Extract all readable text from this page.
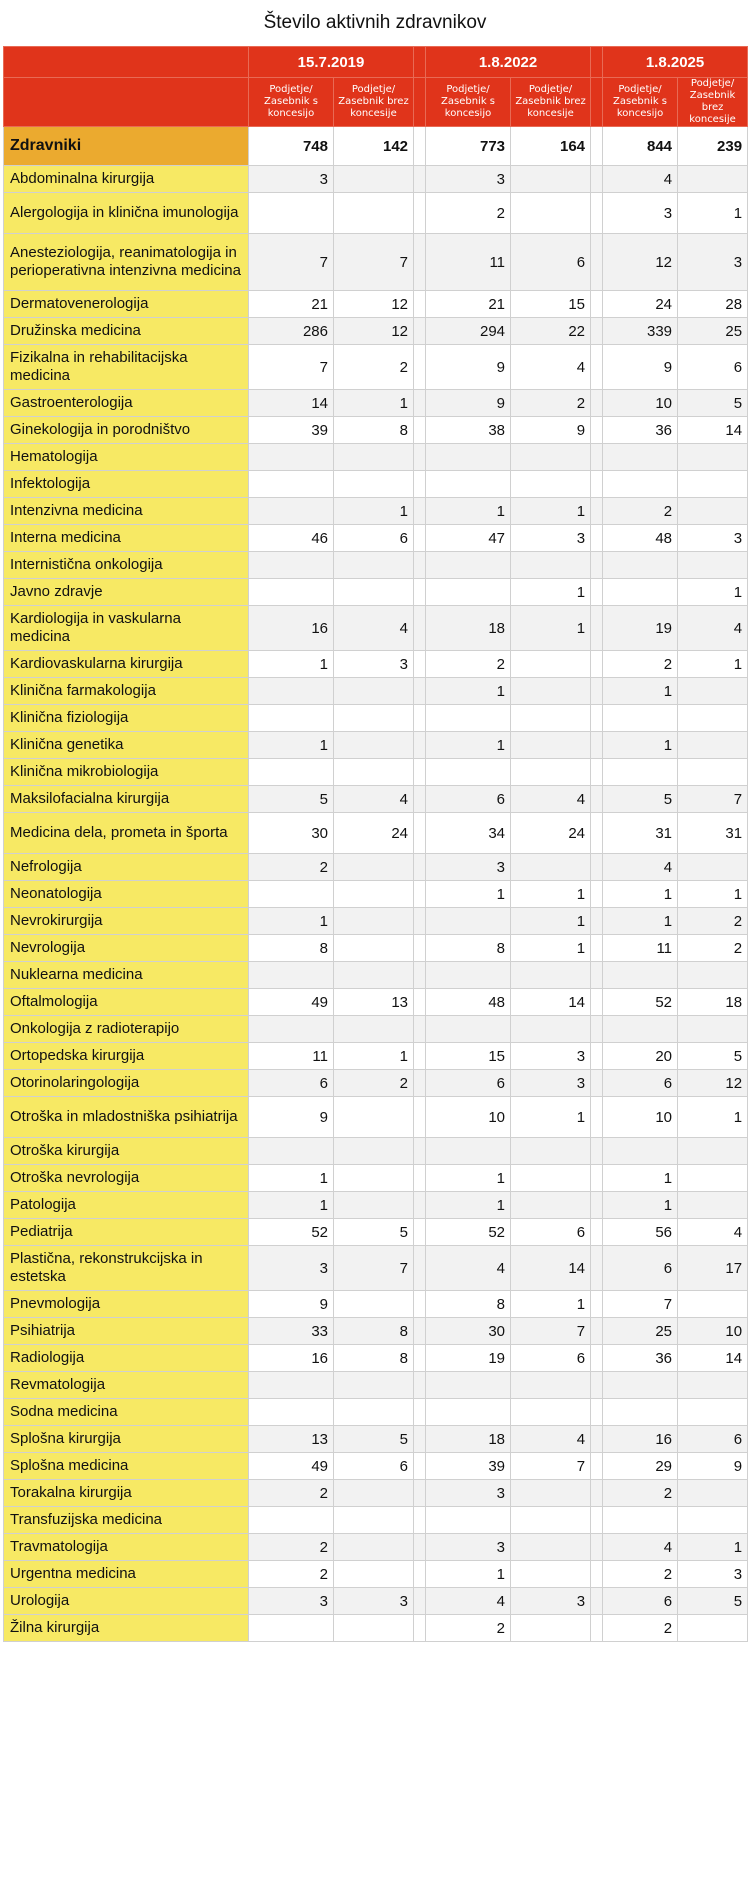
Število aktivnih zdravnikov
	15.7.2019			1.8.2022			1.8.2025	
	Podjetje/ Zasebnik s koncesijo	Podjetje/ Zasebnik brez koncesije		Podjetje/ Zasebnik s koncesijo	Podjetje/ Zasebnik brez koncesije		Podjetje/ Zasebnik s koncesijo	Podjetje/ Zasebnik brez koncesije
Zdravniki	748	142		773	164		844	239
Abdominalna kirurgija	3			3			4	
Alergologija in klinična imunologija				2			3	1
Anesteziologija, reanimatologija in perioperativna intenzivna medicina	7	7		11	6		12	3
Dermatovenerologija	21	12		21	15		24	28
Družinska medicina	286	12		294	22		339	25
Fizikalna in rehabilitacijska medicina	7	2		9	4		9	6
Gastroenterologija	14	1		9	2		10	5
Ginekologija in porodništvo	39	8		38	9		36	14
Hematologija								
Infektologija								
Intenzivna medicina		1		1	1		2	
Interna medicina	46	6		47	3		48	3
Internistična onkologija								
Javno zdravje					1			1
Kardiologija in vaskularna medicina	16	4		18	1		19	4
Kardiovaskularna kirurgija	1	3		2			2	1
Klinična farmakologija				1			1	
Klinična fiziologija								
Klinična genetika	1			1			1	
Klinična mikrobiologija								
Maksilofacialna kirurgija	5	4		6	4		5	7
Medicina dela, prometa in športa	30	24		34	24		31	31
Nefrologija	2			3			4	
Neonatologija				1	1		1	1
Nevrokirurgija	1				1		1	2
Nevrologija	8			8	1		11	2
Nuklearna medicina								
Oftalmologija	49	13		48	14		52	18
Onkologija z radioterapijo								
Ortopedska kirurgija	11	1		15	3		20	5
Otorinolaringologija	6	2		6	3		6	12
Otroška in mladostniška psihiatrija	9			10	1		10	1
Otroška kirurgija								
Otroška nevrologija	1			1			1	
Patologija	1			1			1	
Pediatrija	52	5		52	6		56	4
Plastična, rekonstrukcijska in estetska	3	7		4	14		6	17
Pnevmologija	9			8	1		7	
Psihiatrija	33	8		30	7		25	10
Radiologija	16	8		19	6		36	14
Revmatologija								
Sodna medicina								
Splošna kirurgija	13	5		18	4		16	6
Splošna medicina	49	6		39	7		29	9
Torakalna kirurgija	2			3			2	
Transfuzijska medicina								
Travmatologija	2			3			4	1
Urgentna medicina	2			1			2	3
Urologija	3	3		4	3		6	5
Žilna kirurgija				2			2	
